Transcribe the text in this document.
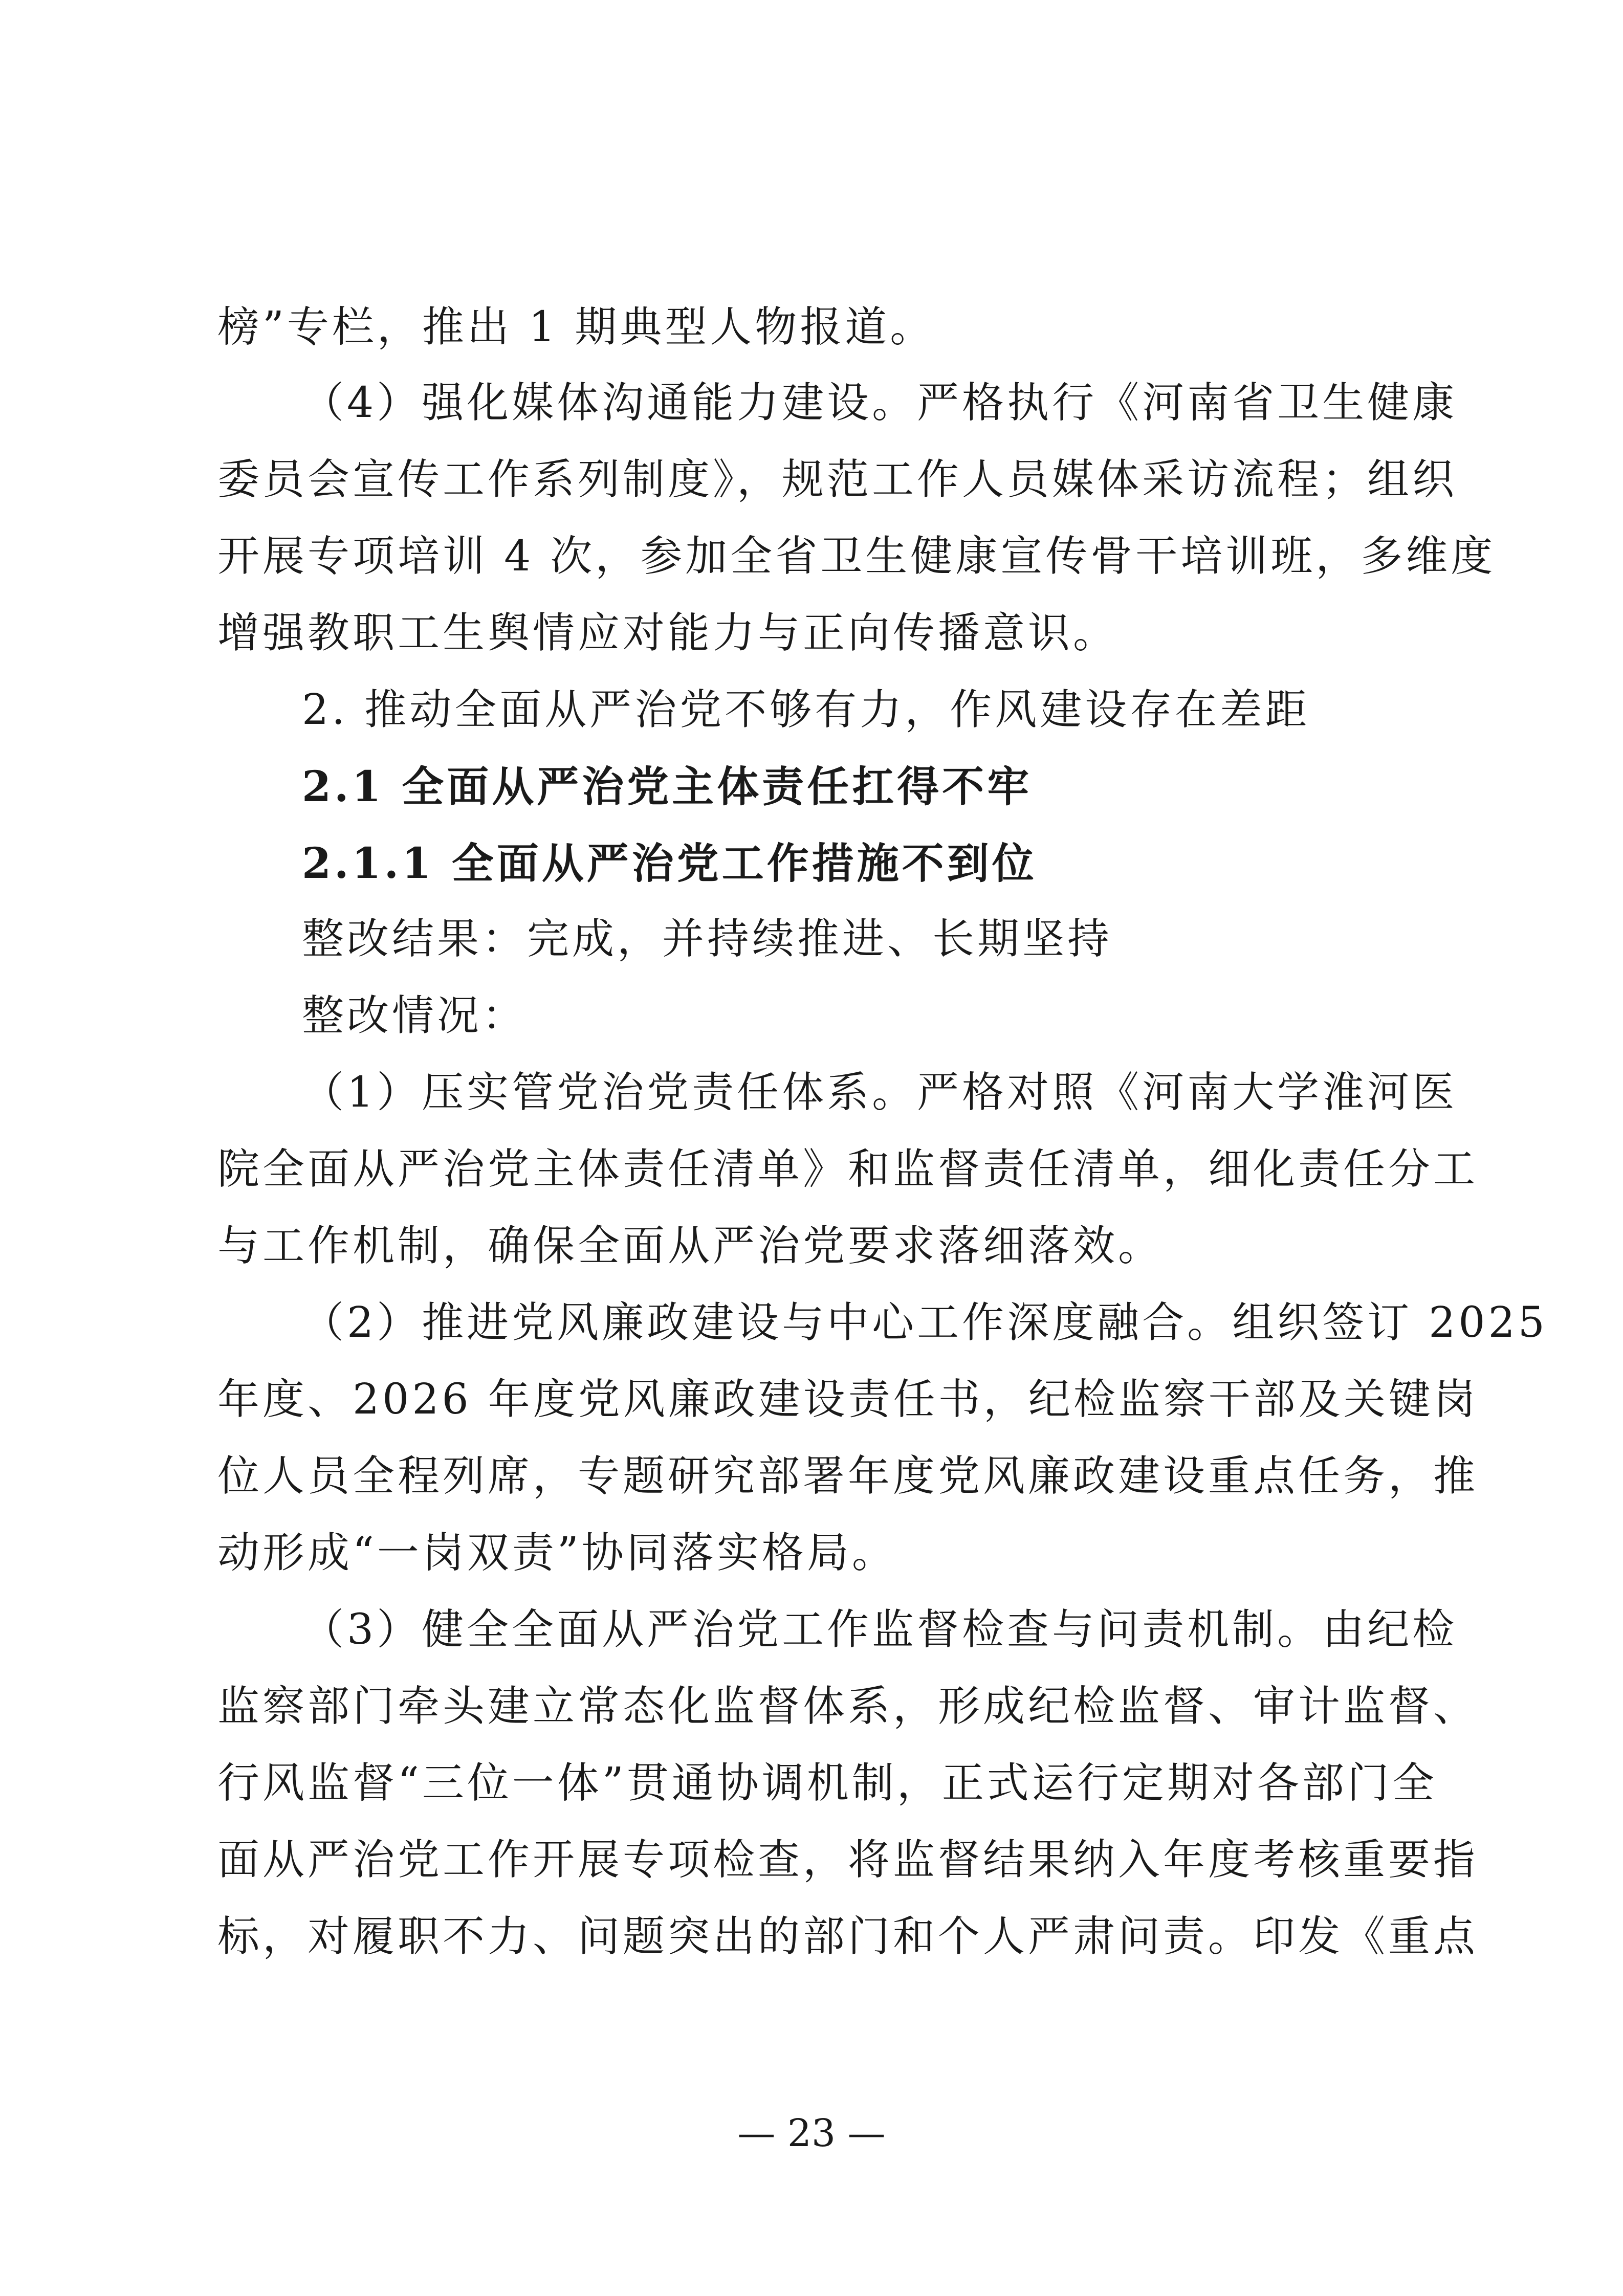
榜”专栏，推出 1 期典型人物报道。
（4）强化媒体沟通能力建设。严格执行《河南省卫生健康
委员会宣传工作系列制度》，规范工作人员媒体采访流程；组织
开展专项培训 4 次，参加全省卫生健康宣传骨干培训班，多维度
增强教职工生舆情应对能力与正向传播意识。
2. 推动全面从严治党不够有力，作风建设存在差距
2.1 全面从严治党主体责任扛得不牢
2.1.1 全面从严治党工作措施不到位
整改结果：完成，并持续推进、长期坚持
整改情况：
（1）压实管党治党责任体系。严格对照《河南大学淮河医
院全面从严治党主体责任清单》和监督责任清单，细化责任分工
与工作机制，确保全面从严治党要求落细落效。
（2）推进党风廉政建设与中心工作深度融合。组织签订 2025
年度、2026 年度党风廉政建设责任书，纪检监察干部及关键岗
位人员全程列席，专题研究部署年度党风廉政建设重点任务，推
动形成“一岗双责”协同落实格局。
（3）健全全面从严治党工作监督检查与问责机制。由纪检
监察部门牵头建立常态化监督体系，形成纪检监督、审计监督、
行风监督“三位一体”贯通协调机制，正式运行定期对各部门全
面从严治党工作开展专项检查，将监督结果纳入年度考核重要指
标，对履职不力、问题突出的部门和个人严肃问责。印发《重点
— 23 —
